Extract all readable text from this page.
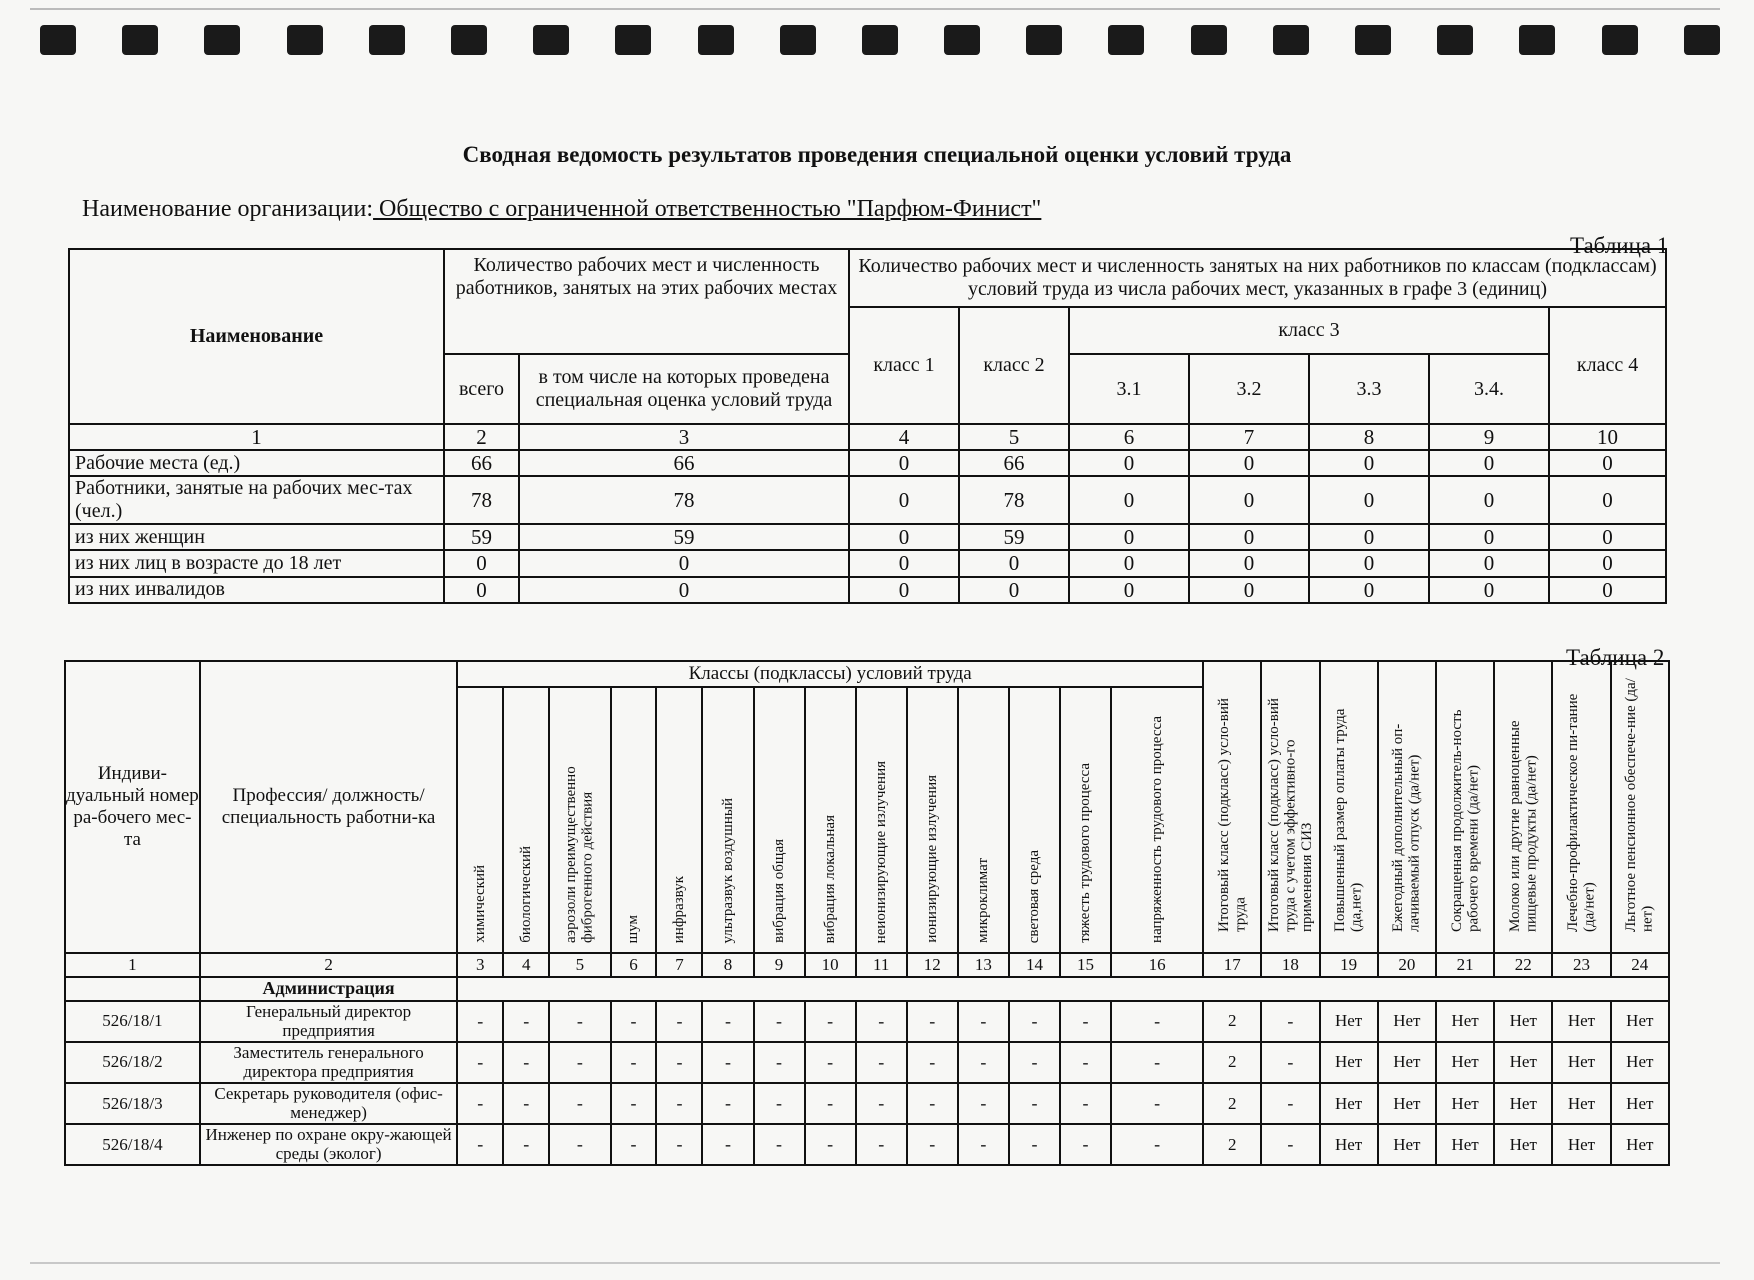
Сводная ведомость результатов проведения специальной оценки условий труда
Наименование организации: Общество с ограниченной ответственностью "Парфюм-Финист"
Таблица 1
Наименование	Количество рабочих мест и численность работников, занятых на этих рабочих местах		Количество рабочих мест и численность занятых на них работников по классам (подклассам) условий труда из числа рабочих мест, указанных в графе 3 (единиц)						
			класс 1	класс 2	класс 3				класс 4
	всего	в том числе на которых проведена специальная оценка условий труда			3.1	3.2	3.3	3.4.	
1	2	3	4	5	6	7	8	9	10
Рабочие места (ед.)	66	66	0	66	0	0	0	0	0
Работники, занятые на рабочих мес-тах (чел.)	78	78	0	78	0	0	0	0	0
из них женщин	59	59	0	59	0	0	0	0	0
из них лиц в возрасте до 18 лет	0	0	0	0	0	0	0	0	0
из них инвалидов	0	0	0	0	0	0	0	0	0
Таблица 2
Индиви-дуальный номер ра-бочего мес-та	Профессия/ должность/ специальность работни-ка	Классы (подклассы) условий труда														Итоговый класс (подкласс) усло-вий труда	Итоговый класс (подкласс) усло-вий труда с учетом эффективно-го применения СИЗ	Повышенный размер оплаты труда (да,нет)	Ежегодный дополнительный оп-лачиваемый отпуск (да/нет)	Сокращенная продолжитель-ность рабочего времени (да/нет)	Молоко или другие равноценные пищевые продукты (да/нет)	Лечебно-профилактическое пи-тание (да/нет)	Льготное пенсионное обеспече-ние (да/нет)
		химический	биологический	аэрозоли преимущественно фиброгенного действия	шум	инфразвук	ультразвук воздушный	вибрация общая	вибрация локальная	неионизирующие излучения	ионизирующие излучения	микроклимат	световая среда	тяжесть трудового процесса	напряженность трудового процесса								
1	2	3	4	5	6	7	8	9	10	11	12	13	14	15	16	17	18	19	20	21	22	23	24
	Администрация																						
526/18/1	Генеральный директор предприятия	-	-	-	-	-	-	-	-	-	-	-	-	-	-	2	-	Нет	Нет	Нет	Нет	Нет	Нет
526/18/2	Заместитель генерального директора предприятия	-	-	-	-	-	-	-	-	-	-	-	-	-	-	2	-	Нет	Нет	Нет	Нет	Нет	Нет
526/18/3	Секретарь руководителя (офис-менеджер)	-	-	-	-	-	-	-	-	-	-	-	-	-	-	2	-	Нет	Нет	Нет	Нет	Нет	Нет
526/18/4	Инженер по охране окру-жающей среды (эколог)	-	-	-	-	-	-	-	-	-	-	-	-	-	-	2	-	Нет	Нет	Нет	Нет	Нет	Нет
